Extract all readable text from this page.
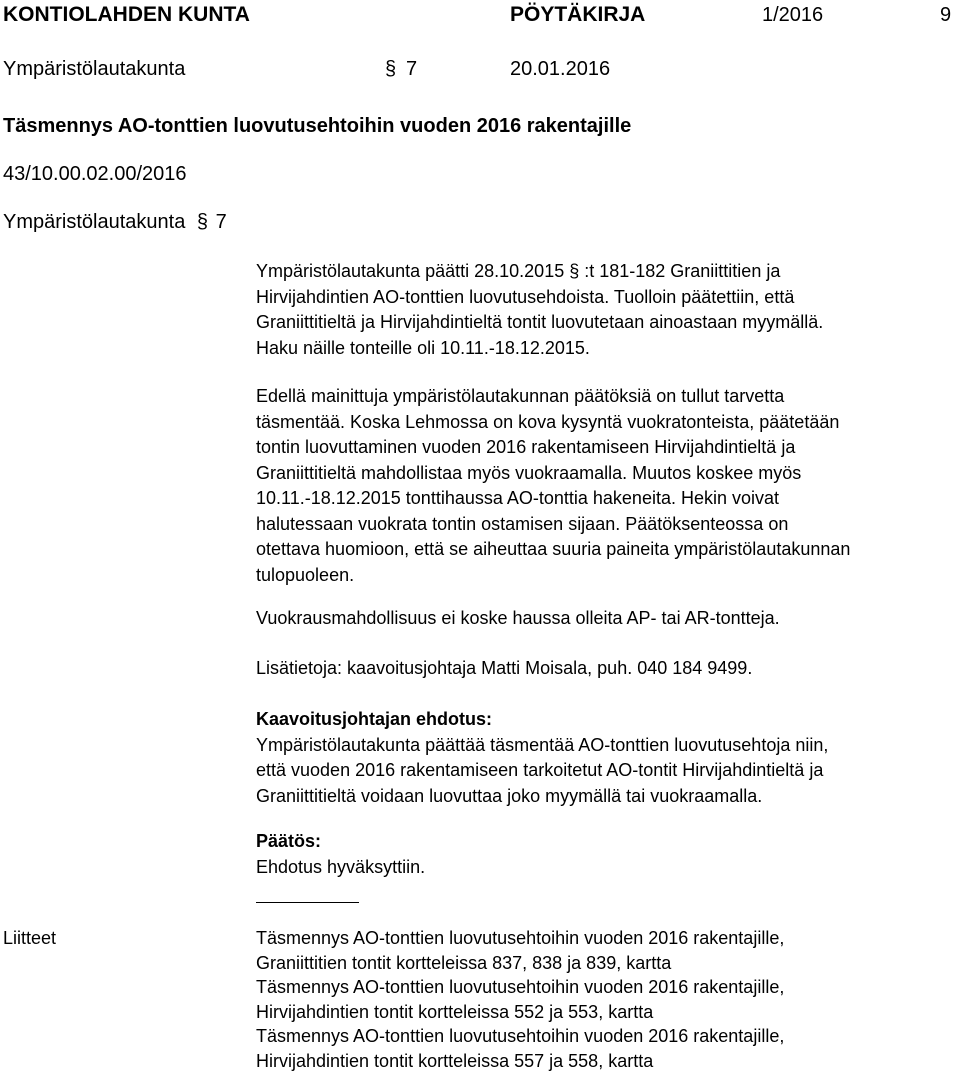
KONTIOLAHDEN KUNTA	PÖYTÄKIRJA	1/2016	9
Ympäristölautakunta	§ 7	20.01.2016
Täsmennys AO-tonttien luovutusehtoihin vuoden 2016 rakentajille
43/10.00.02.00/2016
Ympäristölautakunta § 7
Ympäristölautakunta päätti 28.10.2015 § :t 181-182 Graniittitien ja
Hirvijahdintien AO-tonttien luovutusehdoista. Tuolloin päätettiin, että
Graniittitieltä ja Hirvijahdintieltä tontit luovutetaan ainoastaan myymällä.
Haku näille tonteille oli 10.11.-18.12.2015.
Edellä mainittuja ympäristölautakunnan päätöksiä on tullut tarvetta
täsmentää. Koska Lehmossa on kova kysyntä vuokratonteista, päätetään
tontin luovuttaminen vuoden 2016 rakentamiseen Hirvijahdintieltä ja
Graniittitieltä mahdollistaa myös vuokraamalla. Muutos koskee myös
10.11.-18.12.2015 tonttihaussa AO-tonttia hakeneita. Hekin voivat
halutessaan vuokrata tontin ostamisen sijaan. Päätöksenteossa on
otettava huomioon, että se aiheuttaa suuria paineita ympäristölautakunnan
tulopuoleen.
Vuokrausmahdollisuus ei koske haussa olleita AP- tai AR-tontteja.
Lisätietoja: kaavoitusjohtaja Matti Moisala, puh. 040 184 9499.
Kaavoitusjohtajan ehdotus:
Ympäristölautakunta päättää täsmentää AO-tonttien luovutusehtoja niin,
että vuoden 2016 rakentamiseen tarkoitetut AO-tontit Hirvijahdintieltä ja
Graniittitieltä voidaan luovuttaa joko myymällä tai vuokraamalla.
Päätös:
Ehdotus hyväksyttiin.
Liitteet	Täsmennys AO-tonttien luovutusehtoihin vuoden 2016 rakentajille,
Graniittitien tontit kortteleissa 837, 838 ja 839, kartta
Täsmennys AO-tonttien luovutusehtoihin vuoden 2016 rakentajille,
Hirvijahdintien tontit kortteleissa 552 ja 553, kartta
Täsmennys AO-tonttien luovutusehtoihin vuoden 2016 rakentajille,
Hirvijahdintien tontit kortteleissa 557 ja 558, kartta
